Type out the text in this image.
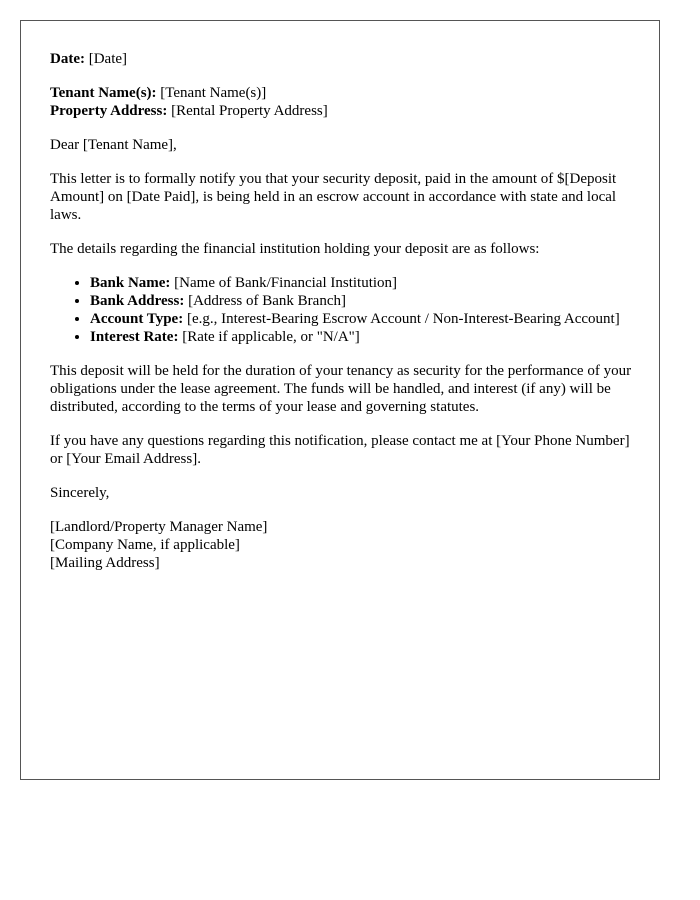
Date: [Date]

Tenant Name(s): [Tenant Name(s)]
Property Address: [Rental Property Address]

Dear [Tenant Name],

This letter is to formally notify you that your security deposit, paid in the amount of $[Deposit Amount] on [Date Paid], is being held in an escrow account in accordance with state and local laws.

The details regarding the financial institution holding your deposit are as follows:

• Bank Name: [Name of Bank/Financial Institution]
• Bank Address: [Address of Bank Branch]
• Account Type: [e.g., Interest-Bearing Escrow Account / Non-Interest-Bearing Account]
• Interest Rate: [Rate if applicable, or "N/A"]

This deposit will be held for the duration of your tenancy as security for the performance of your obligations under the lease agreement. The funds will be handled, and interest (if any) will be distributed, according to the terms of your lease and governing statutes.

If you have any questions regarding this notification, please contact me at [Your Phone Number] or [Your Email Address].

Sincerely,

[Landlord/Property Manager Name]
[Company Name, if applicable]
[Mailing Address]
